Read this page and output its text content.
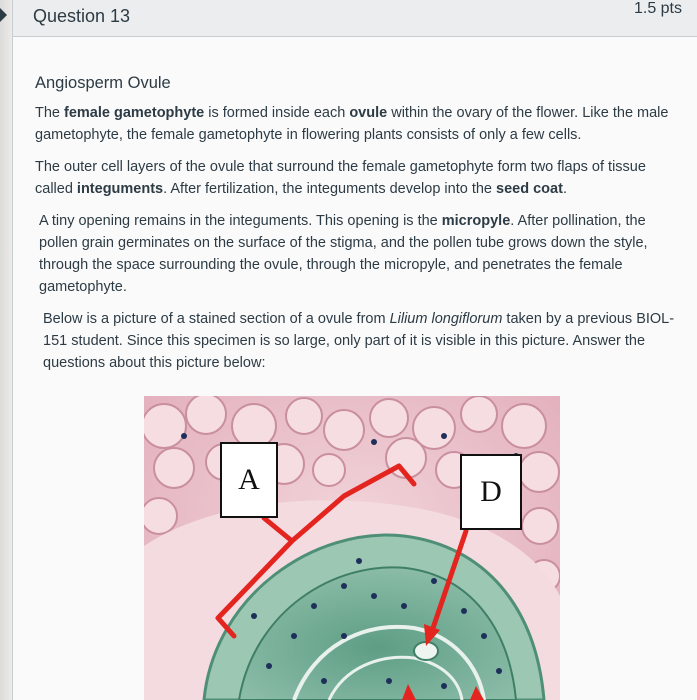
Question 13	1.5 pts
Angiosperm Ovule

The female gametophyte is formed inside each ovule within the ovary of the flower. Like the male gametophyte, the female gametophyte in flowering plants consists of only a few cells.

The outer cell layers of the ovule that surround the female gametophyte form two flaps of tissue called integuments. After fertilization, the integuments develop into the seed coat.

A tiny opening remains in the integuments. This opening is the micropyle. After pollination, the pollen grain germinates on the surface of the stigma, and the pollen tube grows down the style, through the space surrounding the ovule, through the micropyle, and penetrates the female gametophyte.

Below is a picture of a stained section of a ovule from Lilium longiflorum taken by a previous BIOL-151 student. Since this specimen is so large, only part of it is visible in this picture. Answer the questions about this picture below:

A	D
